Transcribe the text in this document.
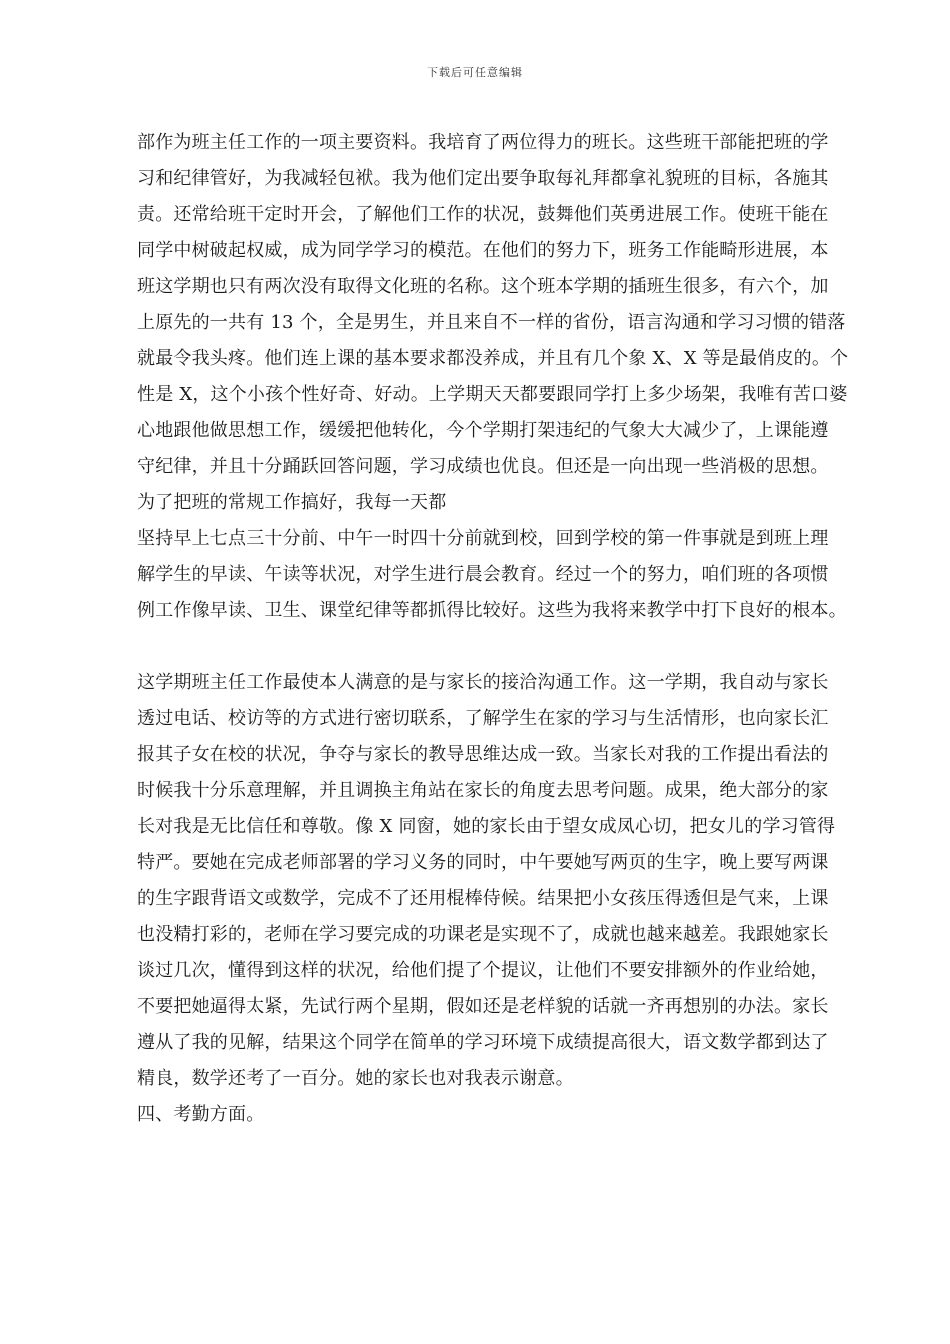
下载后可任意编辑
部作为班主任工作的一项主要资料。我培育了两位得力的班长。这些班干部能把班的学
习和纪律管好，为我减轻包袱。我为他们定出要争取每礼拜都拿礼貌班的目标，各施其
责。还常给班干定时开会，了解他们工作的状况，鼓舞他们英勇进展工作。使班干能在
同学中树破起权威，成为同学学习的模范。在他们的努力下，班务工作能畸形进展，本
班这学期也只有两次没有取得文化班的名称。这个班本学期的插班生很多，有六个，加
上原先的一共有 13 个，全是男生，并且来自不一样的省份，语言沟通和学习习惯的错落
就最令我头疼。他们连上课的基本要求都没养成，并且有几个象 X、X 等是最俏皮的。个
性是 X，这个小孩个性好奇、好动。上学期天天都要跟同学打上多少场架，我唯有苦口婆
心地跟他做思想工作，缓缓把他转化，今个学期打架违纪的气象大大减少了，上课能遵
守纪律，并且十分踊跃回答问题，学习成绩也优良。但还是一向出现一些消极的思想。
为了把班的常规工作搞好，我每一天都
坚持早上七点三十分前、中午一时四十分前就到校，回到学校的第一件事就是到班上理
解学生的早读、午读等状况，对学生进行晨会教育。经过一个的努力，咱们班的各项惯
例工作像早读、卫生、课堂纪律等都抓得比较好。这些为我将来教学中打下良好的根本。
这学期班主任工作最使本人满意的是与家长的接洽沟通工作。这一学期，我自动与家长
透过电话、校访等的方式进行密切联系，了解学生在家的学习与生活情形，也向家长汇
报其子女在校的状况，争夺与家长的教导思维达成一致。当家长对我的工作提出看法的
时候我十分乐意理解，并且调换主角站在家长的角度去思考问题。成果，绝大部分的家
长对我是无比信任和尊敬。像 X 同窗，她的家长由于望女成凤心切，把女儿的学习管得
特严。要她在完成老师部署的学习义务的同时，中午要她写两页的生字，晚上要写两课
的生字跟背语文或数学，完成不了还用棍棒侍候。结果把小女孩压得透但是气来，上课
也没精打彩的，老师在学习要完成的功课老是实现不了，成就也越来越差。我跟她家长
谈过几次，懂得到这样的状况，给他们提了个提议，让他们不要安排额外的作业给她，
不要把她逼得太紧，先试行两个星期，假如还是老样貌的话就一齐再想别的办法。家长
遵从了我的见解，结果这个同学在简单的学习环境下成绩提高很大，语文数学都到达了
精良，数学还考了一百分。她的家长也对我表示谢意。
四、考勤方面。
